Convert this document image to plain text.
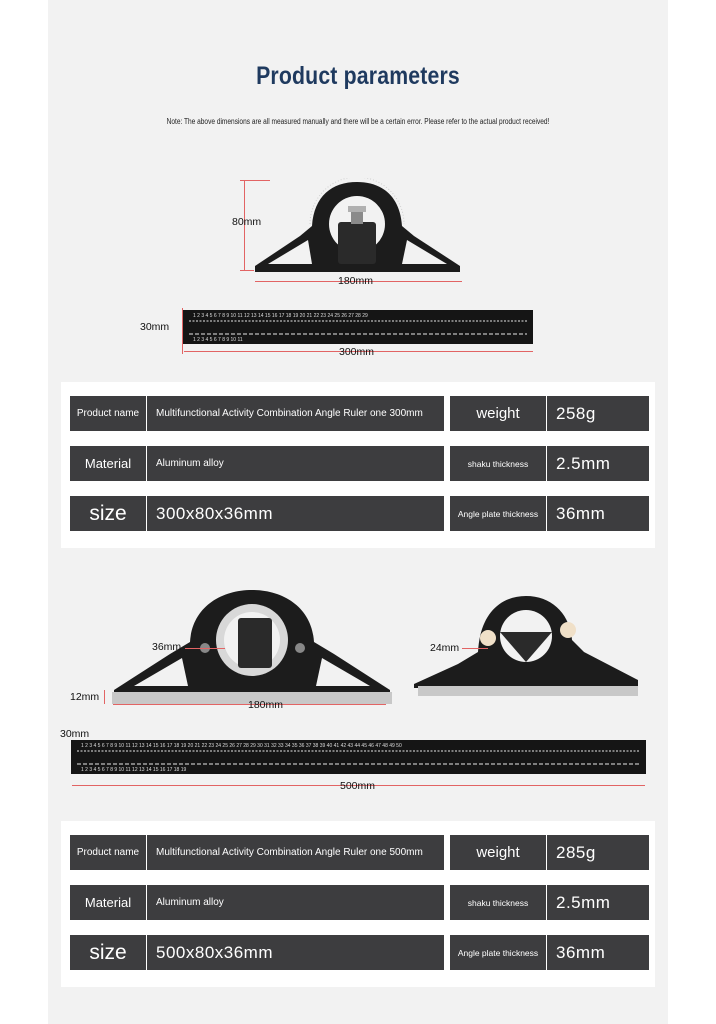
Product parameters
Note: The above dimensions are all measured manually and there will be a certain error. Please refer to the actual product received!
80mm
180mm
1 2 3 4 5 6 7 8 9 10 11 12 13 14 15 16 17 18 19 20 21 22 23 24 25 26 27 28 29
1 2 3 4 5 6 7 8 9 10 11
30mm
300mm
Product name	Multifunctional Activity Combination Angle Ruler one 300mm	weight	258g
Material	Aluminum alloy	shaku thickness	2.5mm
size	300x80x36mm	Angle plate thickness	36mm
36mm
12mm
180mm
24mm
1 2 3 4 5 6 7 8 9 10 11 12 13 14 15 16 17 18 19 20 21 22 23 24 25 26 27 28 29 30 31 32 33 34 35 36 37 38 39 40 41 42 43 44 45 46 47 48 49 50
1 2 3 4 5 6 7 8 9 10 11 12 13 14 15 16 17 18 19
30mm
500mm
Product name	Multifunctional Activity Combination Angle Ruler one 500mm	weight	285g
Material	Aluminum alloy	shaku thickness	2.5mm
size	500x80x36mm	Angle plate thickness	36mm
